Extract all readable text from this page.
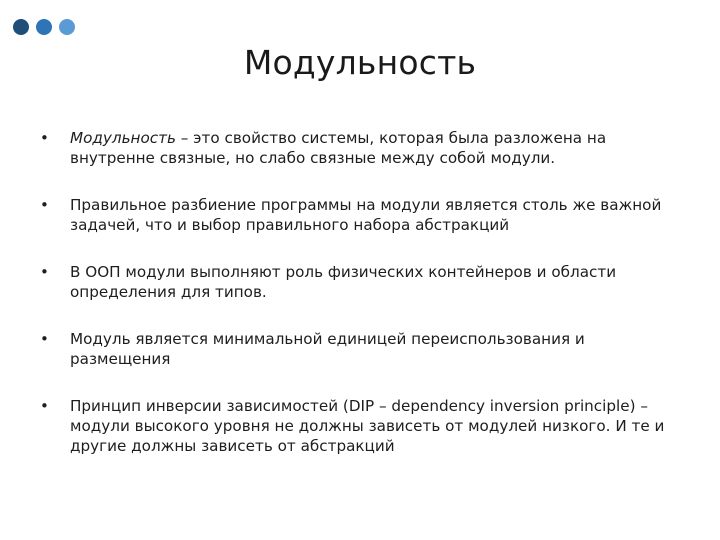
Модульность
• Модульность – это свойство системы, которая была разложена на внутренне связные, но слабо связные между собой модули.
• Правильное разбиение программы на модули является столь же важной задачей, что и выбор правильного набора абстракций
• В ООП модули выполняют роль физических контейнеров и области определения для типов.
• Модуль является минимальной единицей переиспользования и размещения
• Принцип инверсии зависимостей (DIP – dependency inversion principle) – модули высокого уровня не должны зависеть от модулей низкого. И те и другие должны зависеть от абстракций
